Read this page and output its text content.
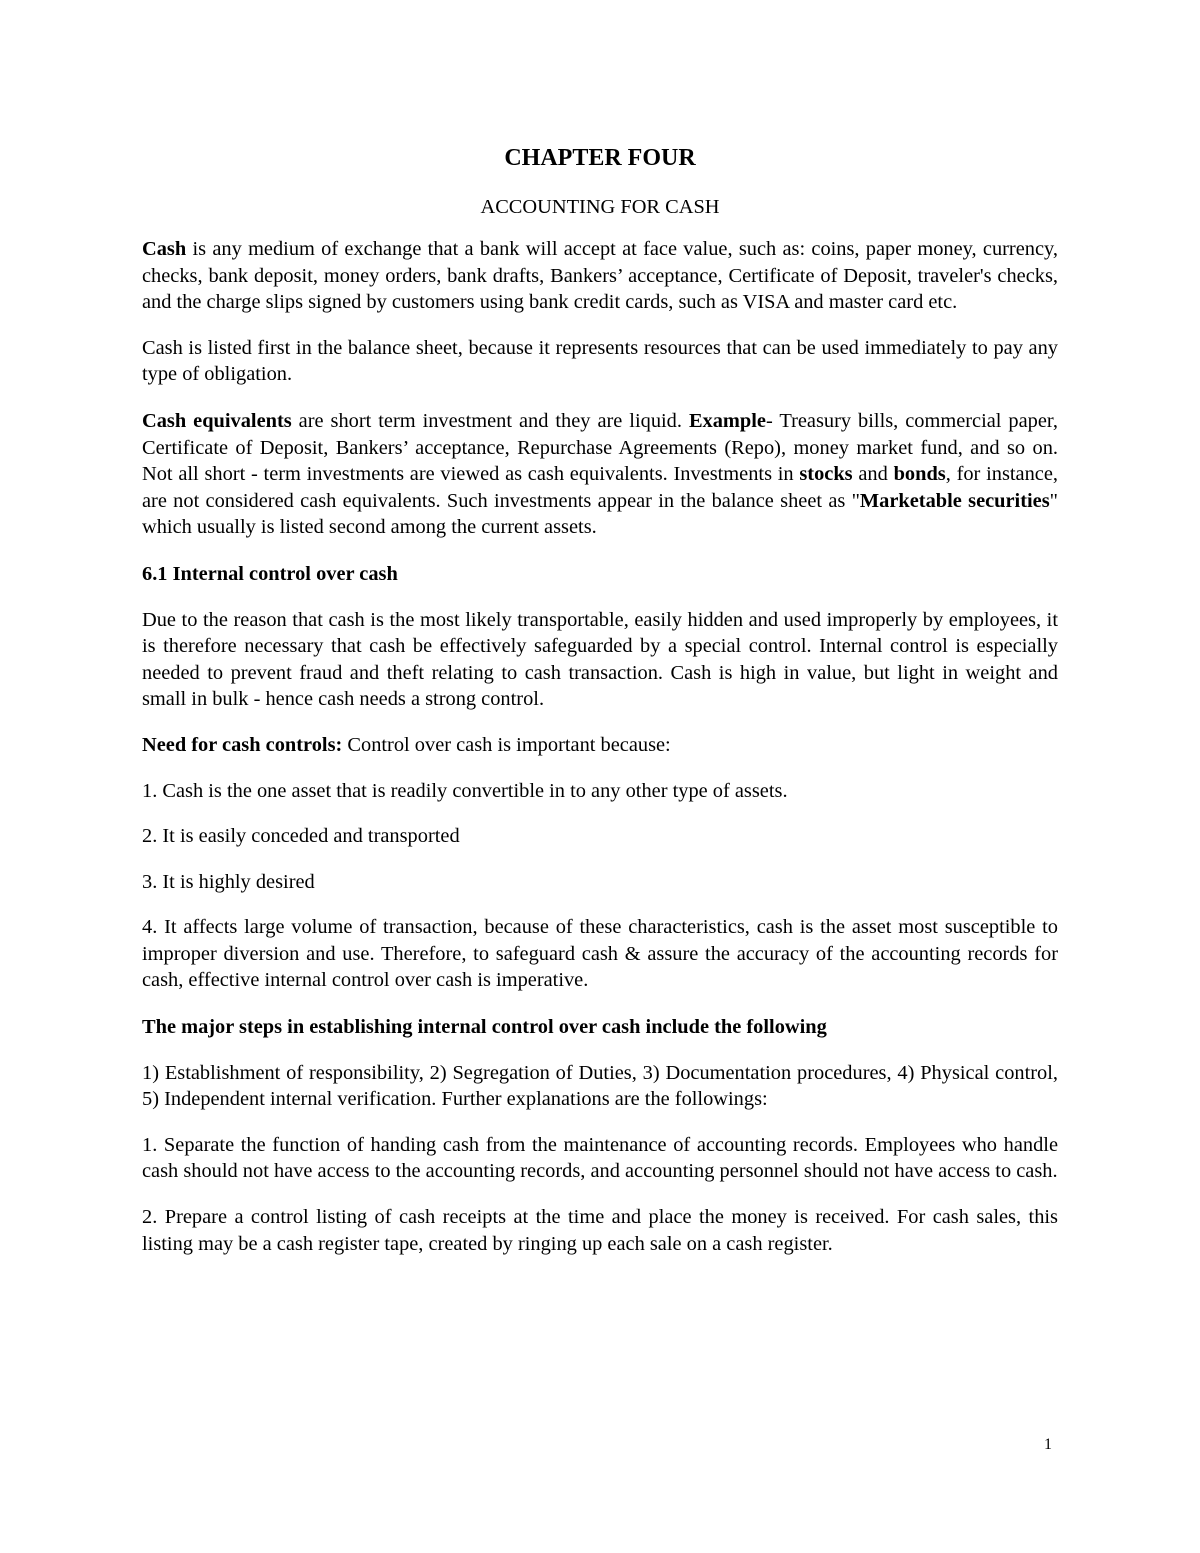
CHAPTER FOUR
ACCOUNTING FOR CASH

Cash is any medium of exchange that a bank will accept at face value, such as: coins, paper money, currency, checks, bank deposit, money orders, bank drafts, Bankers’ acceptance, Certificate of Deposit, traveler's checks, and the charge slips signed by customers using bank credit cards, such as VISA and master card etc.

Cash is listed first in the balance sheet, because it represents resources that can be used immediately to pay any type of obligation.

Cash equivalents are short term investment and they are liquid. Example- Treasury bills, commercial paper, Certificate of Deposit, Bankers’ acceptance, Repurchase Agreements (Repo), money market fund, and so on. Not all short - term investments are viewed as cash equivalents. Investments in stocks and bonds, for instance, are not considered cash equivalents. Such investments appear in the balance sheet as "Marketable securities" which usually is listed second among the current assets.

6.1 Internal control over cash

Due to the reason that cash is the most likely transportable, easily hidden and used improperly by employees, it is therefore necessary that cash be effectively safeguarded by a special control. Internal control is especially needed to prevent fraud and theft relating to cash transaction. Cash is high in value, but light in weight and small in bulk - hence cash needs a strong control.

Need for cash controls: Control over cash is important because:

1. Cash is the one asset that is readily convertible in to any other type of assets.

2. It is easily conceded and transported

3. It is highly desired

4. It affects large volume of transaction, because of these characteristics, cash is the asset most susceptible to improper diversion and use. Therefore, to safeguard cash & assure the accuracy of the accounting records for cash, effective internal control over cash is imperative.

The major steps in establishing internal control over cash include the following

1) Establishment of responsibility, 2) Segregation of Duties, 3) Documentation procedures, 4) Physical control, 5) Independent internal verification. Further explanations are the followings:

1. Separate the function of handing cash from the maintenance of accounting records. Employees who handle cash should not have access to the accounting records, and accounting personnel should not have access to cash.

2. Prepare a control listing of cash receipts at the time and place the money is received. For cash sales, this listing may be a cash register tape, created by ringing up each sale on a cash register.

1
